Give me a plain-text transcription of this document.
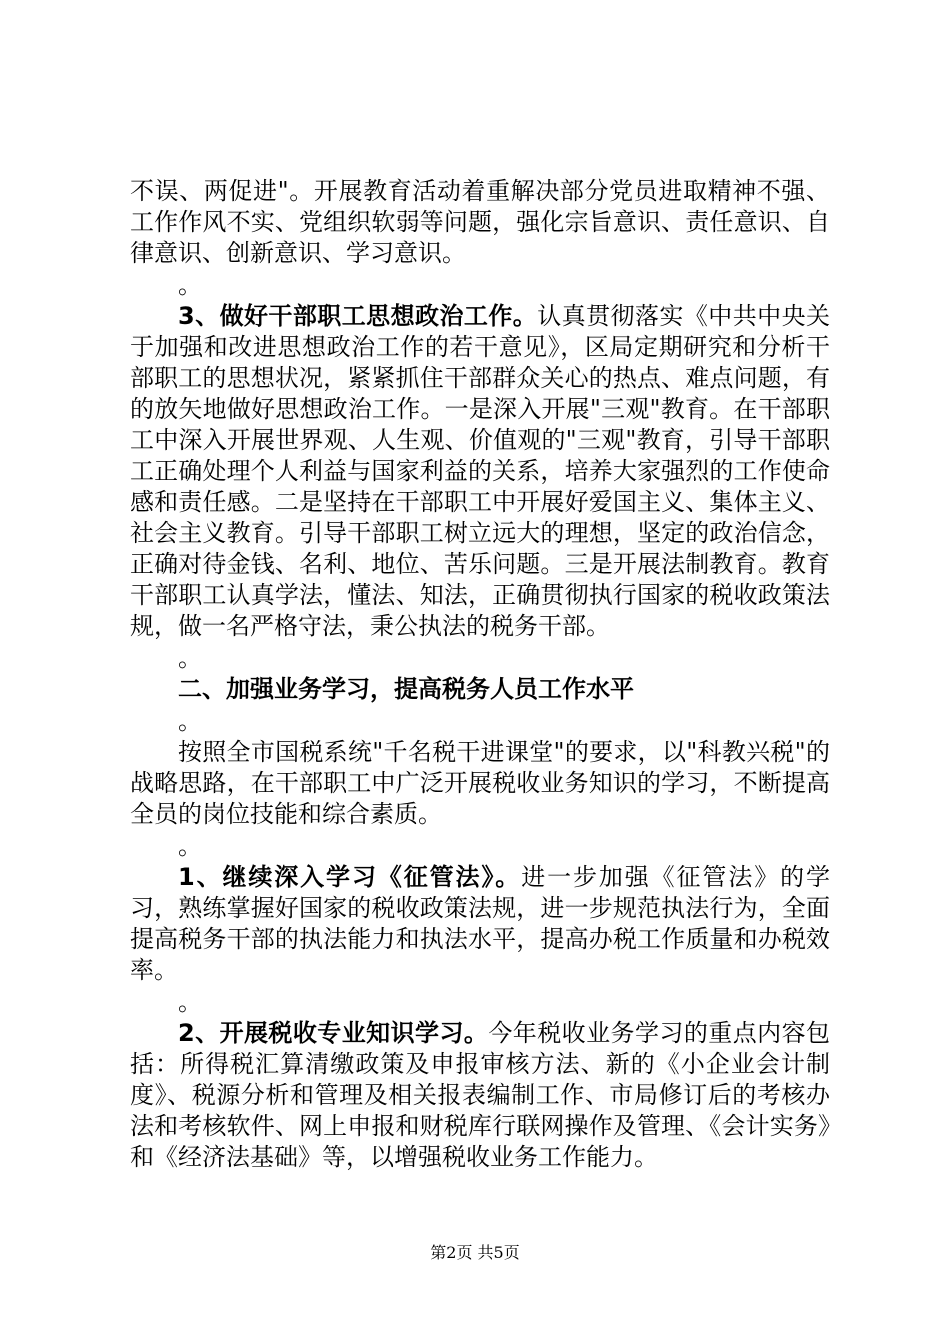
不误、两促进"。开展教育活动着重解决部分党员进取精神不强、工作作风不实、党组织软弱等问题，强化宗旨意识、责任意识、自律意识、创新意识、学习意识。

。

3、做好干部职工思想政治工作。认真贯彻落实《中共中央关于加强和改进思想政治工作的若干意见》，区局定期研究和分析干部职工的思想状况，紧紧抓住干部群众关心的热点、难点问题，有的放矢地做好思想政治工作。一是深入开展"三观"教育。在干部职工中深入开展世界观、人生观、价值观的"三观"教育，引导干部职工正确处理个人利益与国家利益的关系，培养大家强烈的工作使命感和责任感。二是坚持在干部职工中开展好爱国主义、集体主义、社会主义教育。引导干部职工树立远大的理想，坚定的政治信念，正确对待金钱、名利、地位、苦乐问题。三是开展法制教育。教育干部职工认真学法，懂法、知法，正确贯彻执行国家的税收政策法规，做一名严格守法，秉公执法的税务干部。

。

二、加强业务学习，提高税务人员工作水平

。

按照全市国税系统"千名税干进课堂"的要求，以"科教兴税"的战略思路，在干部职工中广泛开展税收业务知识的学习，不断提高全员的岗位技能和综合素质。

。

1、继续深入学习《征管法》。进一步加强《征管法》的学习，熟练掌握好国家的税收政策法规，进一步规范执法行为，全面提高税务干部的执法能力和执法水平，提高办税工作质量和办税效率。

。

2、开展税收专业知识学习。今年税收业务学习的重点内容包括：所得税汇算清缴政策及申报审核方法、新的《小企业会计制度》、税源分析和管理及相关报表编制工作、市局修订后的考核办法和考核软件、网上申报和财税库行联网操作及管理、《会计实务》和《经济法基础》等，以增强税收业务工作能力。

第2页 共5页
